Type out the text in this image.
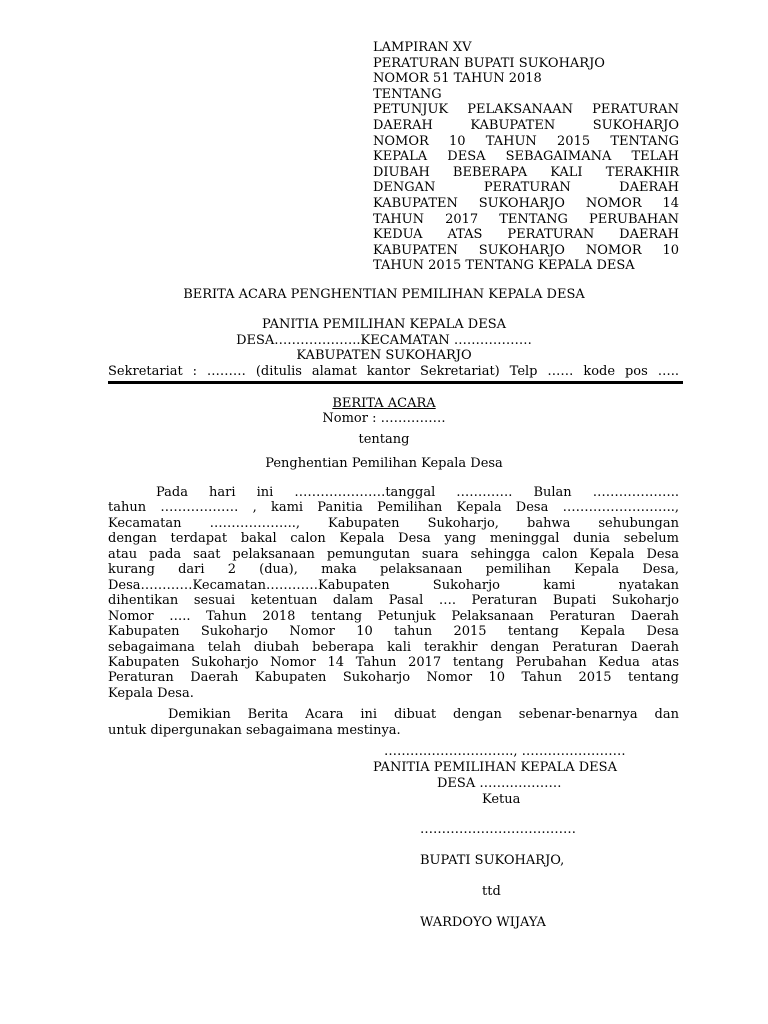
LAMPIRAN XV
PERATURAN BUPATI SUKOHARJO
NOMOR 51 TAHUN 2018
TENTANG
PETUNJUK PELAKSANAAN PERATURAN
DAERAH KABUPATEN SUKOHARJO
NOMOR 10 TAHUN 2015 TENTANG
KEPALA DESA SEBAGAIMANA TELAH
DIUBAH BEBERAPA KALI TERAKHIR
DENGAN PERATURAN DAERAH
KABUPATEN SUKOHARJO NOMOR 14
TAHUN 2017 TENTANG PERUBAHAN
KEDUA ATAS PERATURAN DAERAH
KABUPATEN SUKOHARJO NOMOR 10
TAHUN 2015 TENTANG KEPALA DESA
BERITA ACARA PENGHENTIAN PEMILIHAN KEPALA DESA
PANITIA PEMILIHAN KEPALA DESA
DESA………………..KECAMATAN ………………
KABUPATEN SUKOHARJO
Sekretariat : ……… (ditulis alamat kantor Sekretariat) Telp …… kode pos …..
BERITA ACARA
Nomor : ……………
tentang
Penghentian Pemilihan Kepala Desa
Pada hari ini …………………tanggal …………. Bulan ………………..
tahun ……………… , kami Panitia Pemilihan Kepala Desa ……………………..,
Kecamatan ……………….., Kabupaten Sukoharjo, bahwa sehubungan
dengan terdapat bakal calon Kepala Desa yang meninggal dunia sebelum
atau pada saat pelaksanaan pemungutan suara sehingga calon Kepala Desa
kurang dari 2 (dua), maka pelaksanaan pemilihan Kepala Desa,
Desa…………Kecamatan…………Kabupaten Sukoharjo kami nyatakan
dihentikan sesuai ketentuan dalam Pasal …. Peraturan Bupati Sukoharjo
Nomor ….. Tahun 2018 tentang Petunjuk Pelaksanaan Peraturan Daerah
Kabupaten Sukoharjo Nomor 10 tahun 2015 tentang Kepala Desa
sebagaimana telah diubah beberapa kali terakhir dengan Peraturan Daerah
Kabupaten Sukoharjo Nomor 14 Tahun 2017 tentang Perubahan Kedua atas
Peraturan Daerah Kabupaten Sukoharjo Nomor 10 Tahun 2015 tentang
Kepala Desa.
Demikian Berita Acara ini dibuat dengan sebenar-benarnya dan
untuk dipergunakan sebagaimana mestinya.
……….……………….., ……………………
PANITIA PEMILIHAN KEPALA DESA
DESA …….…………
Ketua
………………………………
BUPATI SUKOHARJO,
ttd
WARDOYO WIJAYA
